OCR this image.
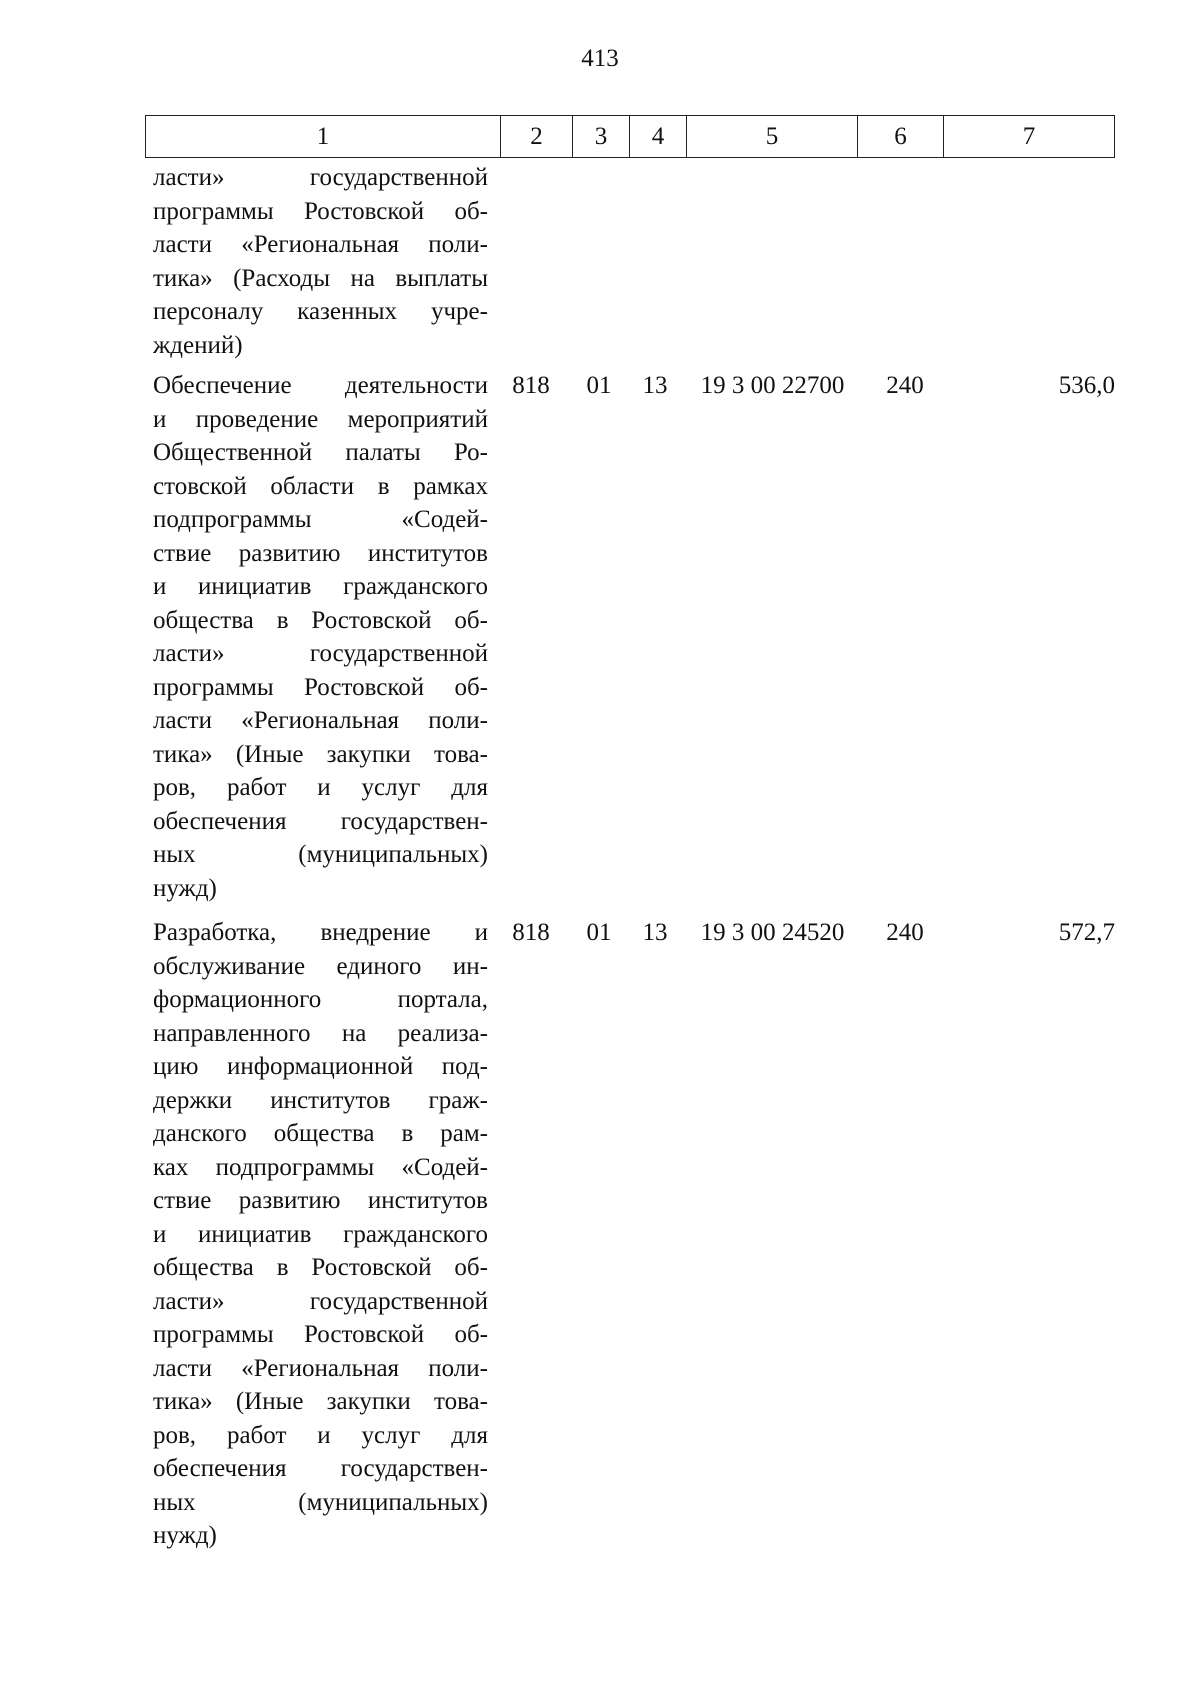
413
1	2	3	4	5	6	7
ласти»	государственной
программы Ростовской об-
ласти «Региональная поли-
тика» (Расходы на выплаты
персоналу казенных учре-
ждений)
Обеспечение деятельности
и проведение мероприятий
Общественной палаты Ро-
стовской области в рамках
подпрограммы	«Содей-
ствие развитию институтов
и инициатив гражданского
общества в Ростовской об-
ласти»	государственной
программы Ростовской об-
ласти «Региональная поли-
тика» (Иные закупки това-
ров, работ и услуг для
обеспечения государствен-
ных	(муниципальных)
нужд)
818	01	13	19 3 00 22700	240	536,0
Разработка, внедрение и
обслуживание единого ин-
формационного	портала,
направленного на реализа-
цию информационной под-
держки институтов граж-
данского общества в рам-
ках подпрограммы «Содей-
ствие развитию институтов
и инициатив гражданского
общества в Ростовской об-
ласти»	государственной
программы Ростовской об-
ласти «Региональная поли-
тика» (Иные закупки това-
ров, работ и услуг для
обеспечения государствен-
ных	(муниципальных)
нужд)
818	01	13	19 3 00 24520	240	572,7
